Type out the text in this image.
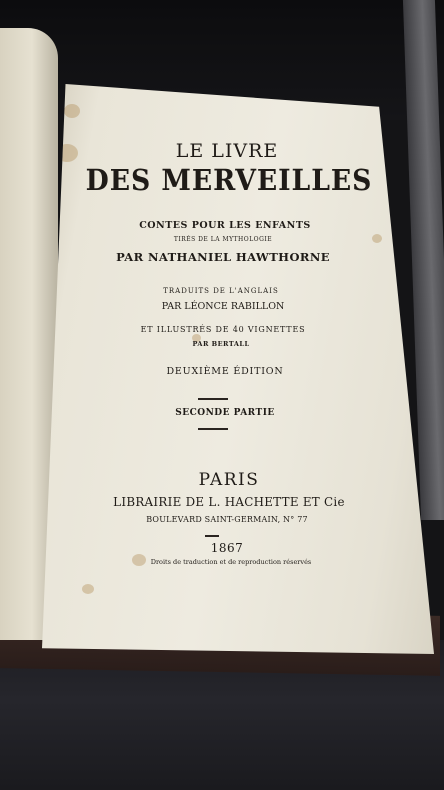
LE LIVRE
DES MERVEILLES
CONTES POUR LES ENFANTS
TIRÉS DE LA MYTHOLOGIE
PAR NATHANIEL HAWTHORNE
TRADUITS DE L'ANGLAIS
PAR LÉONCE RABILLON
ET ILLUSTRÉS DE 40 VIGNETTES
PAR BERTALL
DEUXIÈME ÉDITION
SECONDE PARTIE
PARIS
LIBRAIRIE DE L. HACHETTE ET Cie
BOULEVARD SAINT-GERMAIN, N° 77
1867
Droits de traduction et de reproduction réservés
